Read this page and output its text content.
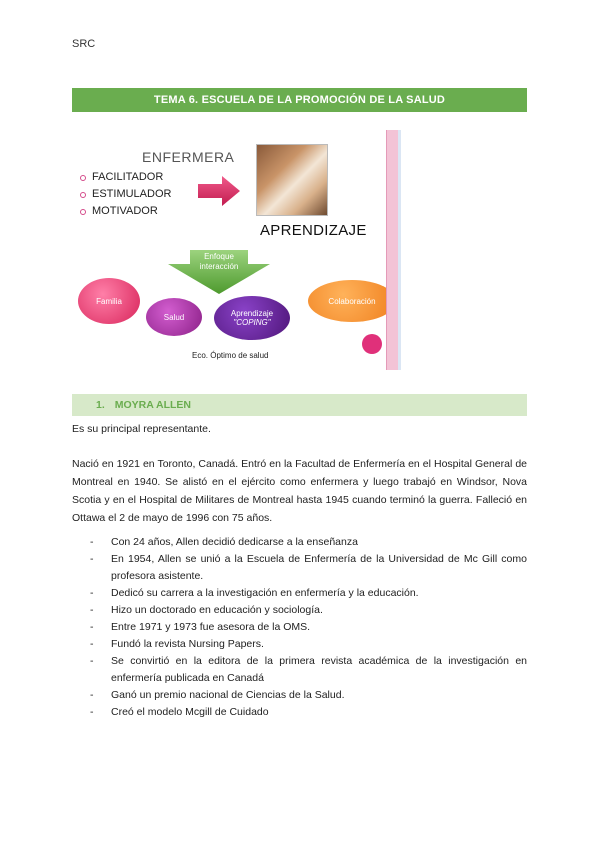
SRC
TEMA 6. ESCUELA DE LA PROMOCIÓN DE LA SALUD
ENFERMERA
FACILITADOR
ESTIMULADOR
MOTIVADOR
APRENDIZAJE
Enfoque
interacción
Familia
Salud	Aprendizaje
"COPING"
Colaboración
Eco. Óptimo de salud
1. MOYRA ALLEN
Es su principal representante.
Nació en 1921 en Toronto, Canadá. Entró en la Facultad de Enfermería en el Hospital General de Montreal en 1940. Se alistó en el ejército como enfermera y luego trabajó en Windsor, Nova Scotia y en el Hospital de Militares de Montreal hasta 1945 cuando terminó la guerra. Falleció en Ottawa el 2 de mayo de 1996 con 75 años.
- Con 24 años, Allen decidió dedicarse a la enseñanza
- En 1954, Allen se unió a la Escuela de Enfermería de la Universidad de Mc Gill como profesora asistente.
- Dedicó su carrera a la investigación en enfermería y la educación.
- Hizo un doctorado en educación y sociología.
- Entre 1971 y 1973 fue asesora de la OMS.
- Fundó la revista Nursing Papers.
- Se convirtió en la editora de la primera revista académica de la investigación en enfermería publicada en Canadá
- Ganó un premio nacional de Ciencias de la Salud.
- Creó el modelo Mcgill de Cuidado
